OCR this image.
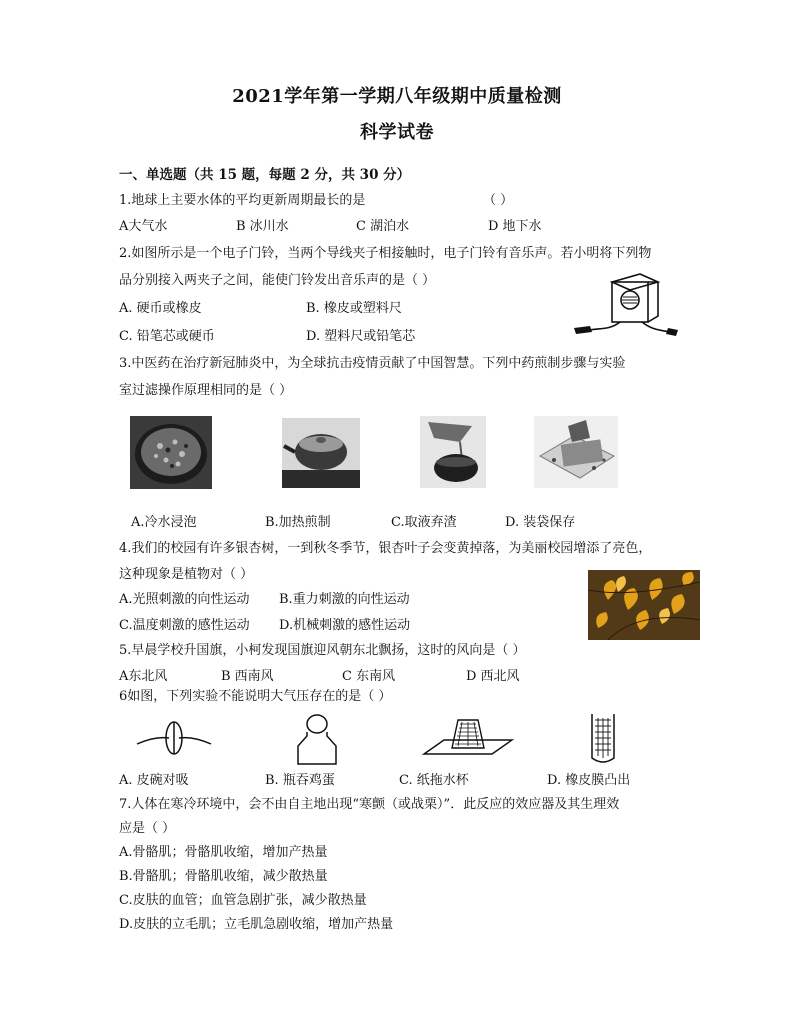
2021学年第一学期八年级期中质量检测
科学试卷
一、单选题（共 15 题，每题 2 分，共 30 分）
1.地球上主要水体的平均更新周期最长的是	（ ）
A大气水	B 冰川水	C 湖泊水	D 地下水
2.如图所示是一个电子门铃，当两个导线夹子相接触时，电子门铃有音乐声。若小明将下列物
品分别接入两夹子之间，能使门铃发出音乐声的是（ ）
A. 硬币或橡皮	B. 橡皮或塑料尺
C. 铅笔芯或硬币	D. 塑料尺或铅笔芯
3.中医药在治疗新冠肺炎中，为全球抗击疫情贡献了中国智慧。下列中药煎制步骤与实验
室过滤操作原理相同的是（ ）
A.冷水浸泡	B.加热煎制	C.取液弃渣	D. 装袋保存
4.我们的校园有许多银杏树，一到秋冬季节，银杏叶子会变黄掉落，为美丽校园增添了亮色，
这种现象是植物对（ ）
A.光照刺激的向性运动 B.重力刺激的向性运动
C.温度刺激的感性运动 D.机械刺激的感性运动
5.早晨学校升国旗，小柯发现国旗迎风朝东北飘扬，这时的风向是（ ）
A东北风	B 西南风	C 东南风	D 西北风
6如图，下列实验不能说明大气压存在的是（ ）
A. 皮碗对吸	B. 瓶吞鸡蛋	C. 纸拖水杯	D. 橡皮膜凸出
7.人体在寒冷环境中，会不由自主地出现“寒颤（或战栗）”．此反应的效应器及其生理效
应是（ ）
A.骨骼肌；骨骼肌收缩，增加产热量
B.骨骼肌；骨骼肌收缩，减少散热量
C.皮肤的血管；血管急剧扩张，减少散热量
D.皮肤的立毛肌；立毛肌急剧收缩，增加产热量
